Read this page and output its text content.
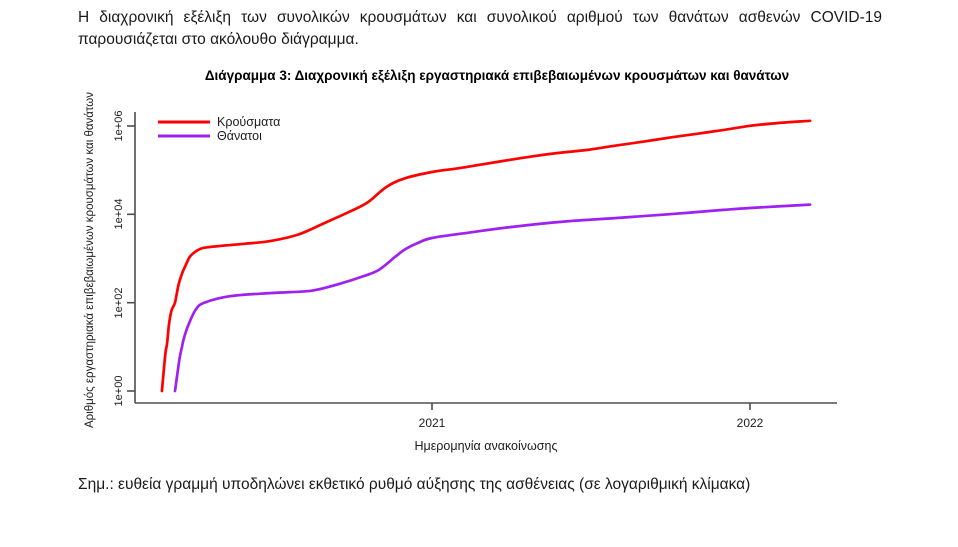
Η διαχρονική εξέλιξη των συνολικών κρουσμάτων και συνολικού αριθμού των θανάτων ασθενών COVID-19
παρουσιάζεται στο ακόλουθο διάγραμμα.
Διάγραμμα 3: Διαχρονική εξέλιξη εργαστηριακά επιβεβαιωμένων κρουσμάτων και θανάτων
1e+06
1e+04
1e+02
1e+00
Αριθμός εργαστηριακά επιβεβαιωμένων κρουσμάτων και θανάτων	2021	2022
Ημερομηνία ανακοίνωσης
Κρούσματα
Θάνατοι
Σημ.: ευθεία γραμμή υποδηλώνει εκθετικό ρυθμό αύξησης της ασθένειας (σε λογαριθμική κλίμακα)
